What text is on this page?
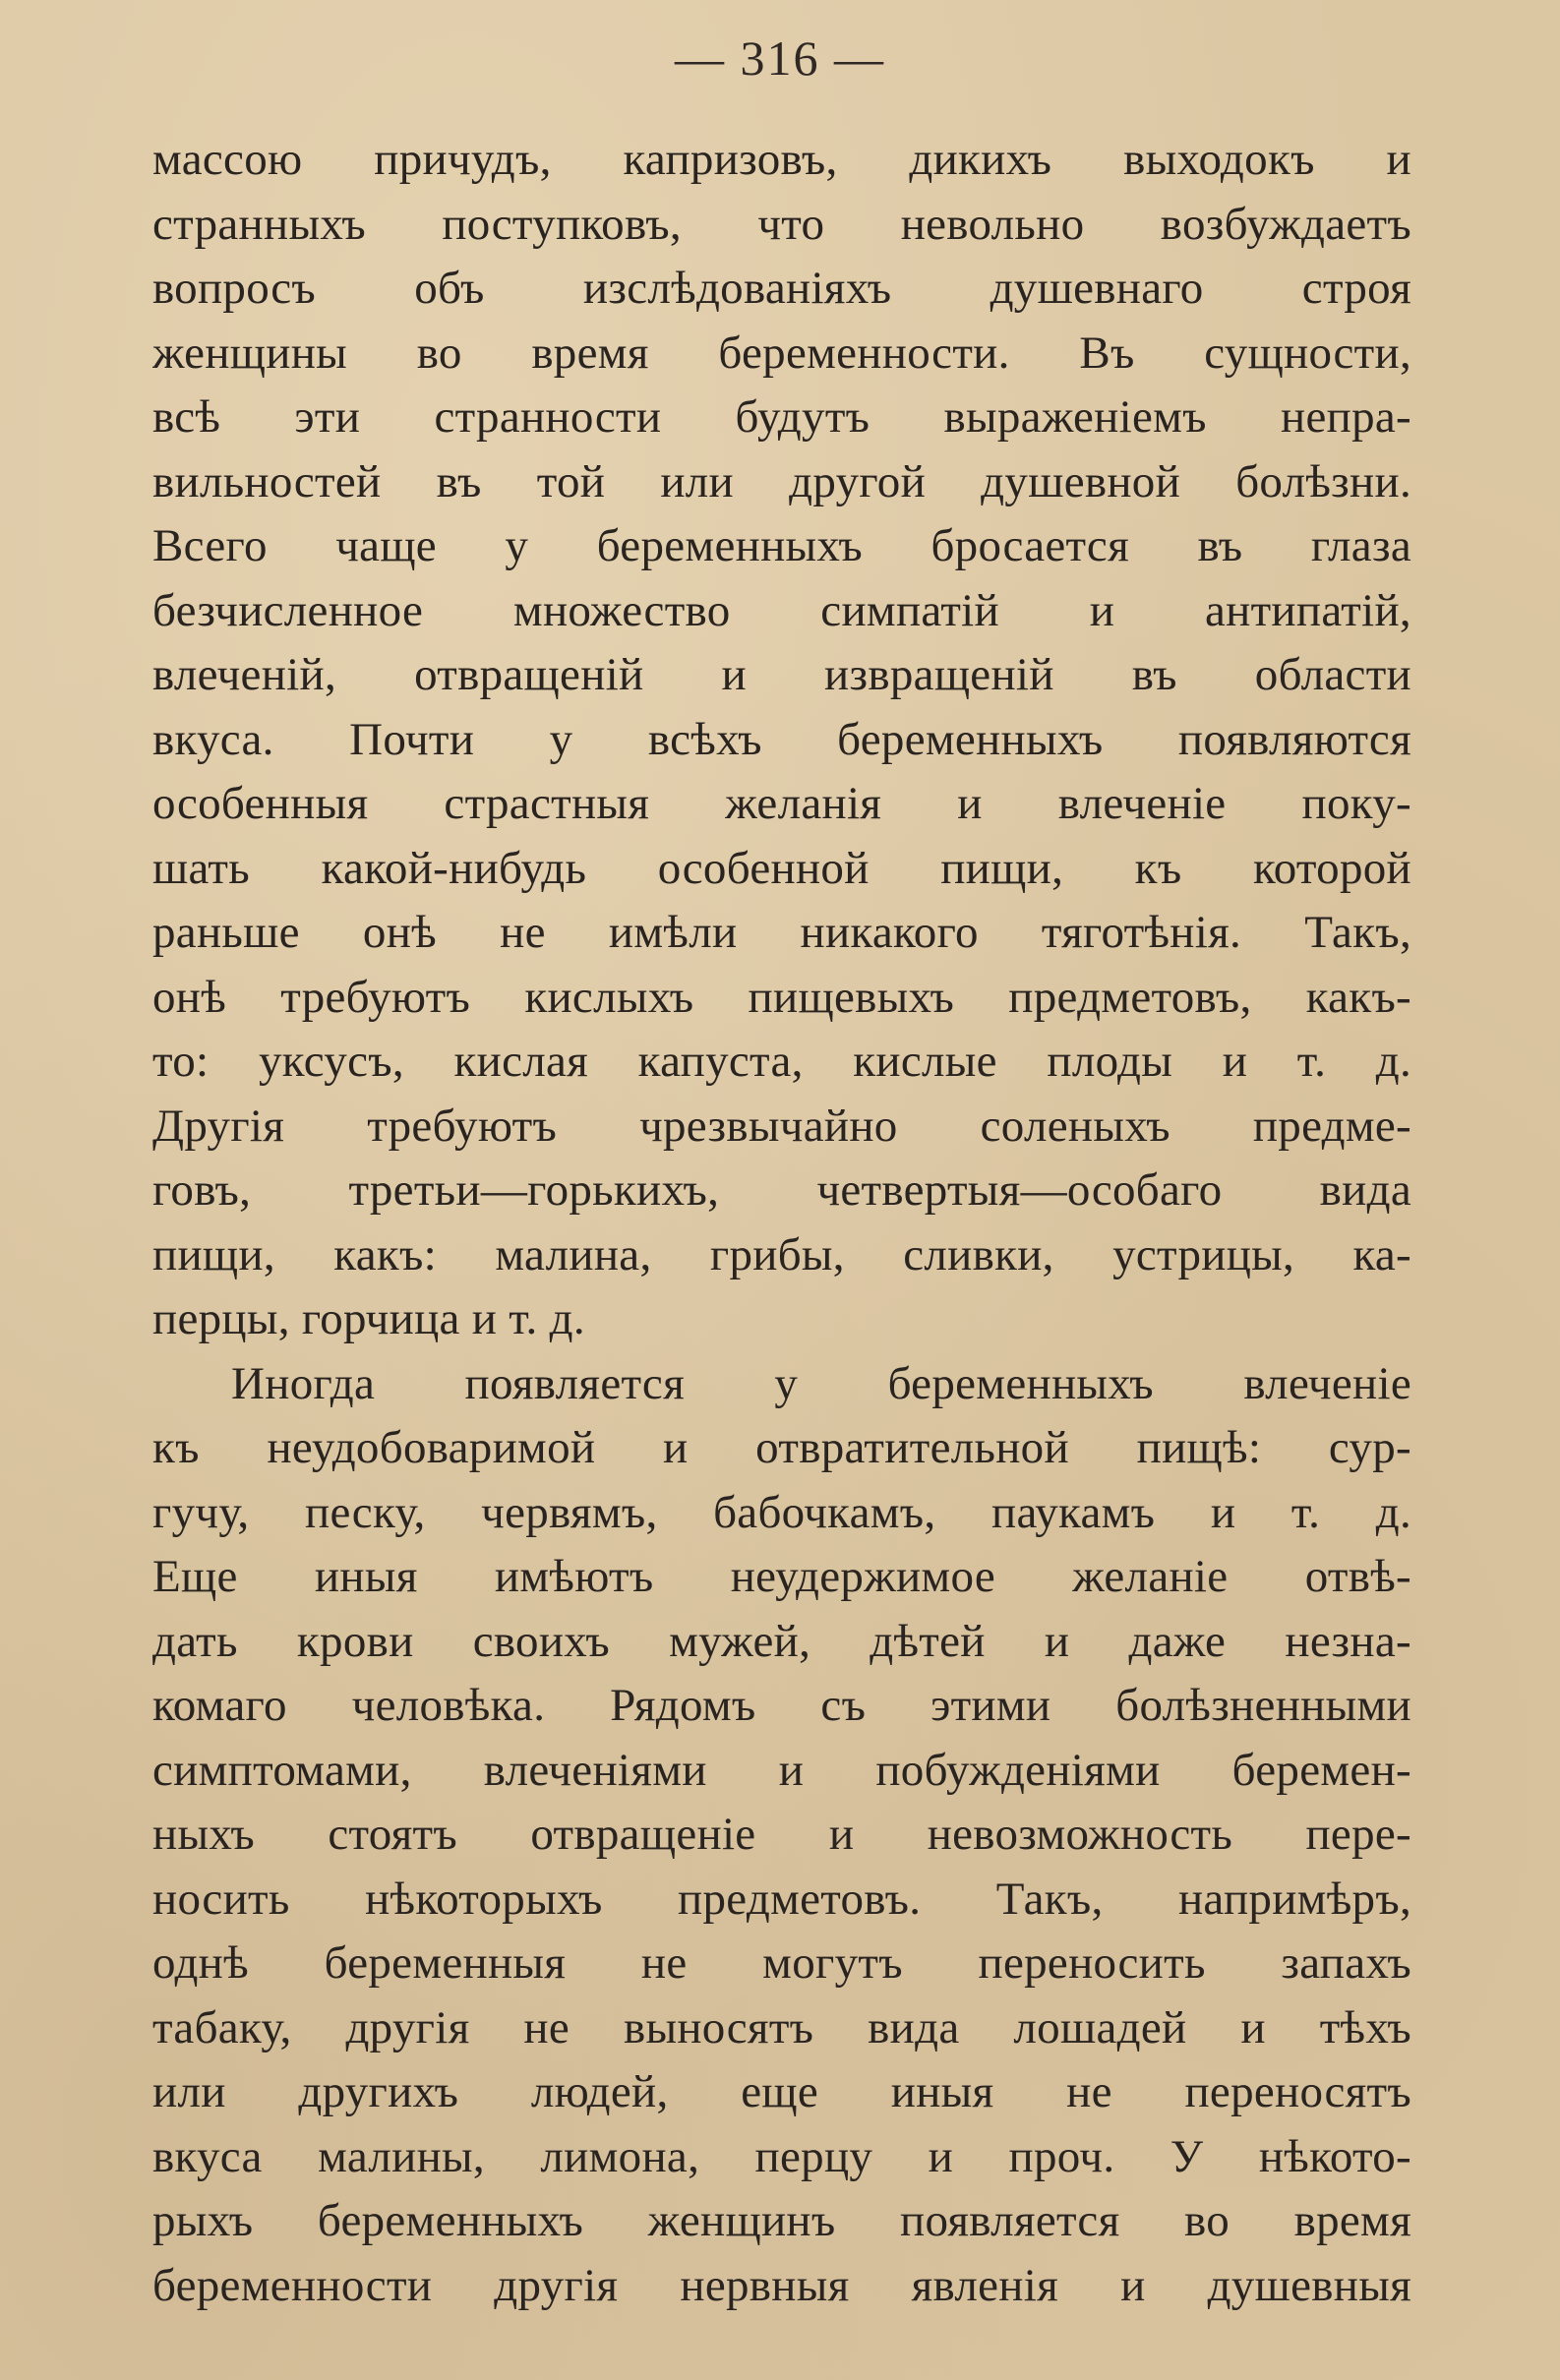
— 316 —
массою причудъ, капризовъ, дикихъ выходокъ и
странныхъ поступковъ, что невольно возбуждаетъ
вопросъ объ изслѣдованіяхъ душевнаго строя
женщины во время беременности. Въ сущности,
всѣ эти странности будутъ выраженіемъ непра-
вильностей въ той или другой душевной болѣзни.
Всего чаще у беременныхъ бросается въ глаза
безчисленное множество симпатій и антипатій,
влеченій, отвращеній и извращеній въ области
вкуса. Почти у всѣхъ беременныхъ появляются
особенныя страстныя желанія и влеченіе поку-
шать какой-нибудь особенной пищи, къ которой
раньше онѣ не имѣли никакого тяготѣнія. Такъ,
онѣ требуютъ кислыхъ пищевыхъ предметовъ, какъ-
то: уксусъ, кислая капуста, кислые плоды и т. д.
Другія требуютъ чрезвычайно соленыхъ предме-
говъ, третьи—горькихъ, четвертыя—особаго вида
пищи, какъ: малина, грибы, сливки, устрицы, ка-
перцы, горчица и т. д.
Иногда появляется у беременныхъ влеченіе
къ неудобоваримой и отвратительной пищѣ: сур-
гучу, песку, червямъ, бабочкамъ, паукамъ и т. д.
Еще иныя имѣютъ неудержимое желаніе отвѣ-
дать крови своихъ мужей, дѣтей и даже незна-
комаго человѣка. Рядомъ съ этими болѣзненными
симптомами, влеченіями и побужденіями беремен-
ныхъ стоятъ отвращеніе и невозможность пере-
носить нѣкоторыхъ предметовъ. Такъ, напримѣръ,
однѣ беременныя не могутъ переносить запахъ
табаку, другія не выносятъ вида лошадей и тѣхъ
или другихъ людей, еще иныя не переносятъ
вкуса малины, лимона, перцу и проч. У нѣкото-
рыхъ беременныхъ женщинъ появляется во время
беременности другія нервныя явленія и душевныя
